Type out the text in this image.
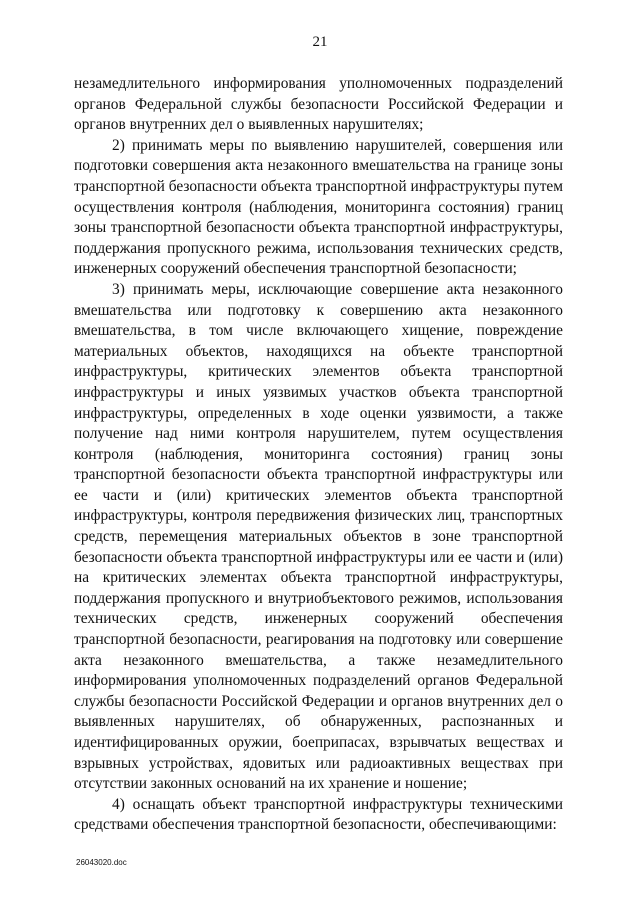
21

незамедлительного информирования уполномоченных подразделений органов Федеральной службы безопасности Российской Федерации и органов внутренних дел о выявленных нарушителях;

2) принимать меры по выявлению нарушителей, совершения или подготовки совершения акта незаконного вмешательства на границе зоны транспортной безопасности объекта транспортной инфраструктуры путем осуществления контроля (наблюдения, мониторинга состояния) границ зоны транспортной безопасности объекта транспортной инфраструктуры, поддержания пропускного режима, использования технических средств, инженерных сооружений обеспечения транспортной безопасности;

3) принимать меры, исключающие совершение акта незаконного вмешательства или подготовку к совершению акта незаконного вмешательства, в том числе включающего хищение, повреждение материальных объектов, находящихся на объекте транспортной инфраструктуры, критических элементов объекта транспортной инфраструктуры и иных уязвимых участков объекта транспортной инфраструктуры, определенных в ходе оценки уязвимости, а также получение над ними контроля нарушителем, путем осуществления контроля (наблюдения, мониторинга состояния) границ зоны транспортной безопасности объекта транспортной инфраструктуры или ее части и (или) критических элементов объекта транспортной инфраструктуры, контроля передвижения физических лиц, транспортных средств, перемещения материальных объектов в зоне транспортной безопасности объекта транспортной инфраструктуры или ее части и (или) на критических элементах объекта транспортной инфраструктуры, поддержания пропускного и внутриобъектового режимов, использования технических средств, инженерных сооружений обеспечения транспортной безопасности, реагирования на подготовку или совершение акта незаконного вмешательства, а также незамедлительного информирования уполномоченных подразделений органов Федеральной службы безопасности Российской Федерации и органов внутренних дел о выявленных нарушителях, об обнаруженных, распознанных и идентифицированных оружии, боеприпасах, взрывчатых веществах и взрывных устройствах, ядовитых или радиоактивных веществах при отсутствии законных оснований на их хранение и ношение;

4) оснащать объект транспортной инфраструктуры техническими средствами обеспечения транспортной безопасности, обеспечивающими:

26043020.doc
